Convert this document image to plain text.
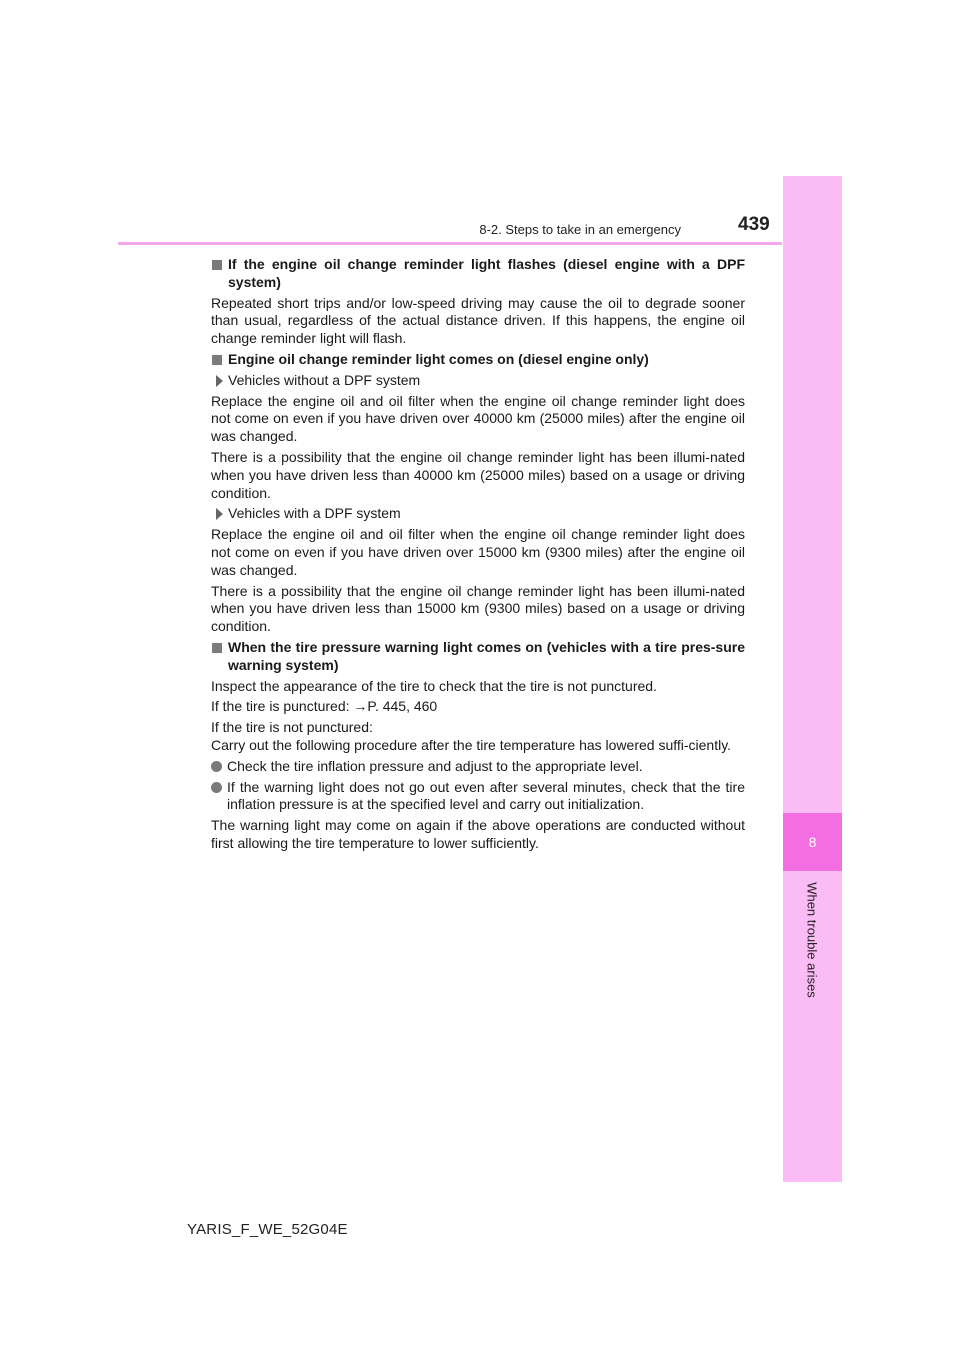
8
When trouble arises
8-2. Steps to take in an emergency	439
If the engine oil change reminder light flashes (diesel engine with a DPF system)

Repeated short trips and/or low-speed driving may cause the oil to degrade sooner than usual, regardless of the actual distance driven. If this happens, the engine oil change reminder light will flash.

Engine oil change reminder light comes on (diesel engine only)
Vehicles without a DPF system

Replace the engine oil and oil filter when the engine oil change reminder light does not come on even if you have driven over 40000 km (25000 miles) after the engine oil was changed.

There is a possibility that the engine oil change reminder light has been illumi-nated when you have driven less than 40000 km (25000 miles) based on a usage or driving condition.

Vehicles with a DPF system

Replace the engine oil and oil filter when the engine oil change reminder light does not come on even if you have driven over 15000 km (9300 miles) after the engine oil was changed.

There is a possibility that the engine oil change reminder light has been illumi-nated when you have driven less than 15000 km (9300 miles) based on a usage or driving condition.

When the tire pressure warning light comes on (vehicles with a tire pres-sure warning system)

Inspect the appearance of the tire to check that the tire is not punctured.

If the tire is punctured: →P. 445, 460

If the tire is not punctured:
Carry out the following procedure after the tire temperature has lowered suffi-ciently.

Check the tire inflation pressure and adjust to the appropriate level.
If the warning light does not go out even after several minutes, check that the tire inflation pressure is at the specified level and carry out initialization.

The warning light may come on again if the above operations are conducted without first allowing the tire temperature to lower sufficiently.

YARIS_F_WE_52G04E
